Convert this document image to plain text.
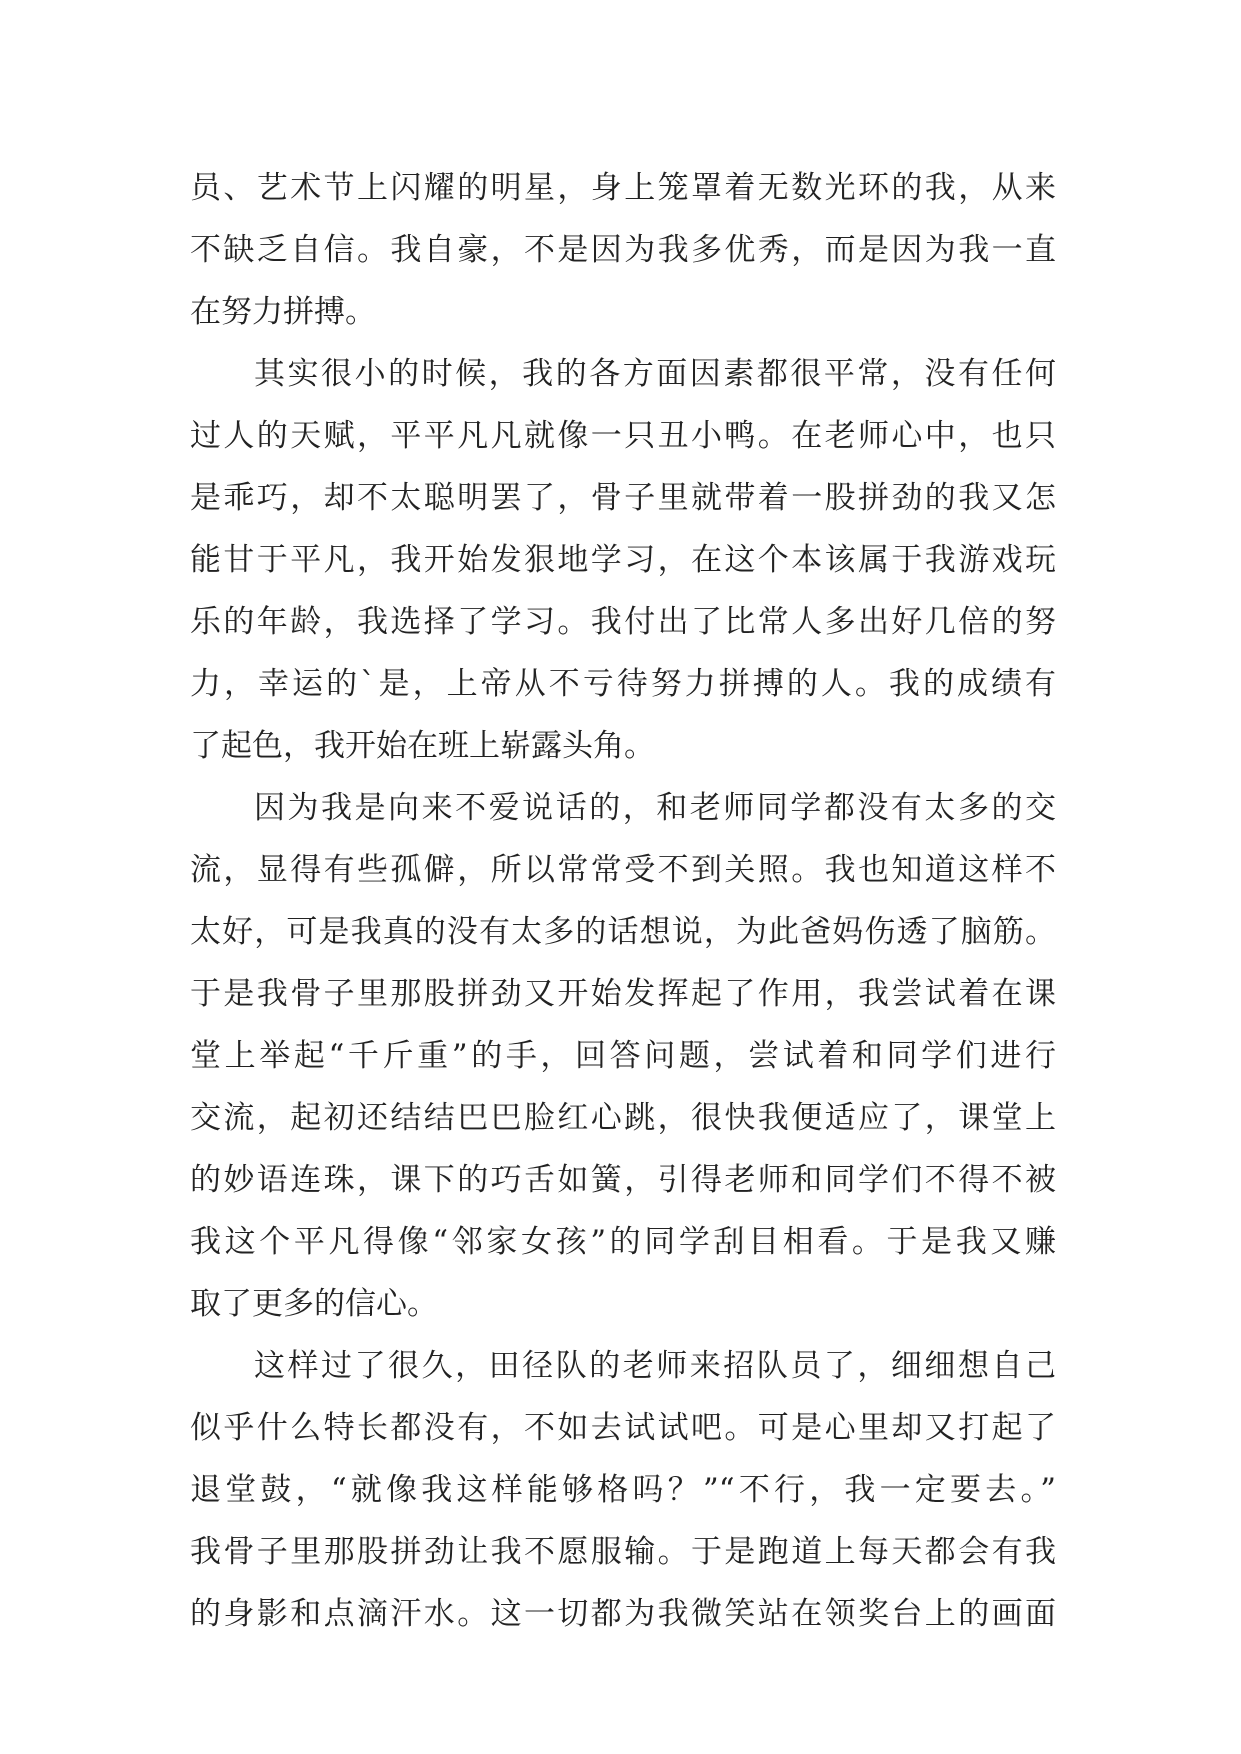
员、艺术节上闪耀的明星，身上笼罩着无数光环的我，从来
不缺乏自信。我自豪，不是因为我多优秀，而是因为我一直
在努力拼搏。
其实很小的时候，我的各方面因素都很平常，没有任何
过人的天赋，平平凡凡就像一只丑小鸭。在老师心中，也只
是乖巧，却不太聪明罢了，骨子里就带着一股拼劲的我又怎
能甘于平凡，我开始发狠地学习，在这个本该属于我游戏玩
乐的年龄，我选择了学习。我付出了比常人多出好几倍的努
力，幸运的`是，上帝从不亏待努力拼搏的人。我的成绩有
了起色，我开始在班上崭露头角。
因为我是向来不爱说话的，和老师同学都没有太多的交
流，显得有些孤僻，所以常常受不到关照。我也知道这样不
太好，可是我真的没有太多的话想说，为此爸妈伤透了脑筋。
于是我骨子里那股拼劲又开始发挥起了作用，我尝试着在课
堂上举起“千斤重”的手，回答问题，尝试着和同学们进行
交流，起初还结结巴巴脸红心跳，很快我便适应了，课堂上
的妙语连珠，课下的巧舌如簧，引得老师和同学们不得不被
我这个平凡得像“邻家女孩”的同学刮目相看。于是我又赚
取了更多的信心。
这样过了很久，田径队的老师来招队员了，细细想自己
似乎什么特长都没有，不如去试试吧。可是心里却又打起了
退堂鼓，“就像我这样能够格吗？”“不行，我一定要去。”
我骨子里那股拼劲让我不愿服输。于是跑道上每天都会有我
的身影和点滴汗水。这一切都为我微笑站在领奖台上的画面
